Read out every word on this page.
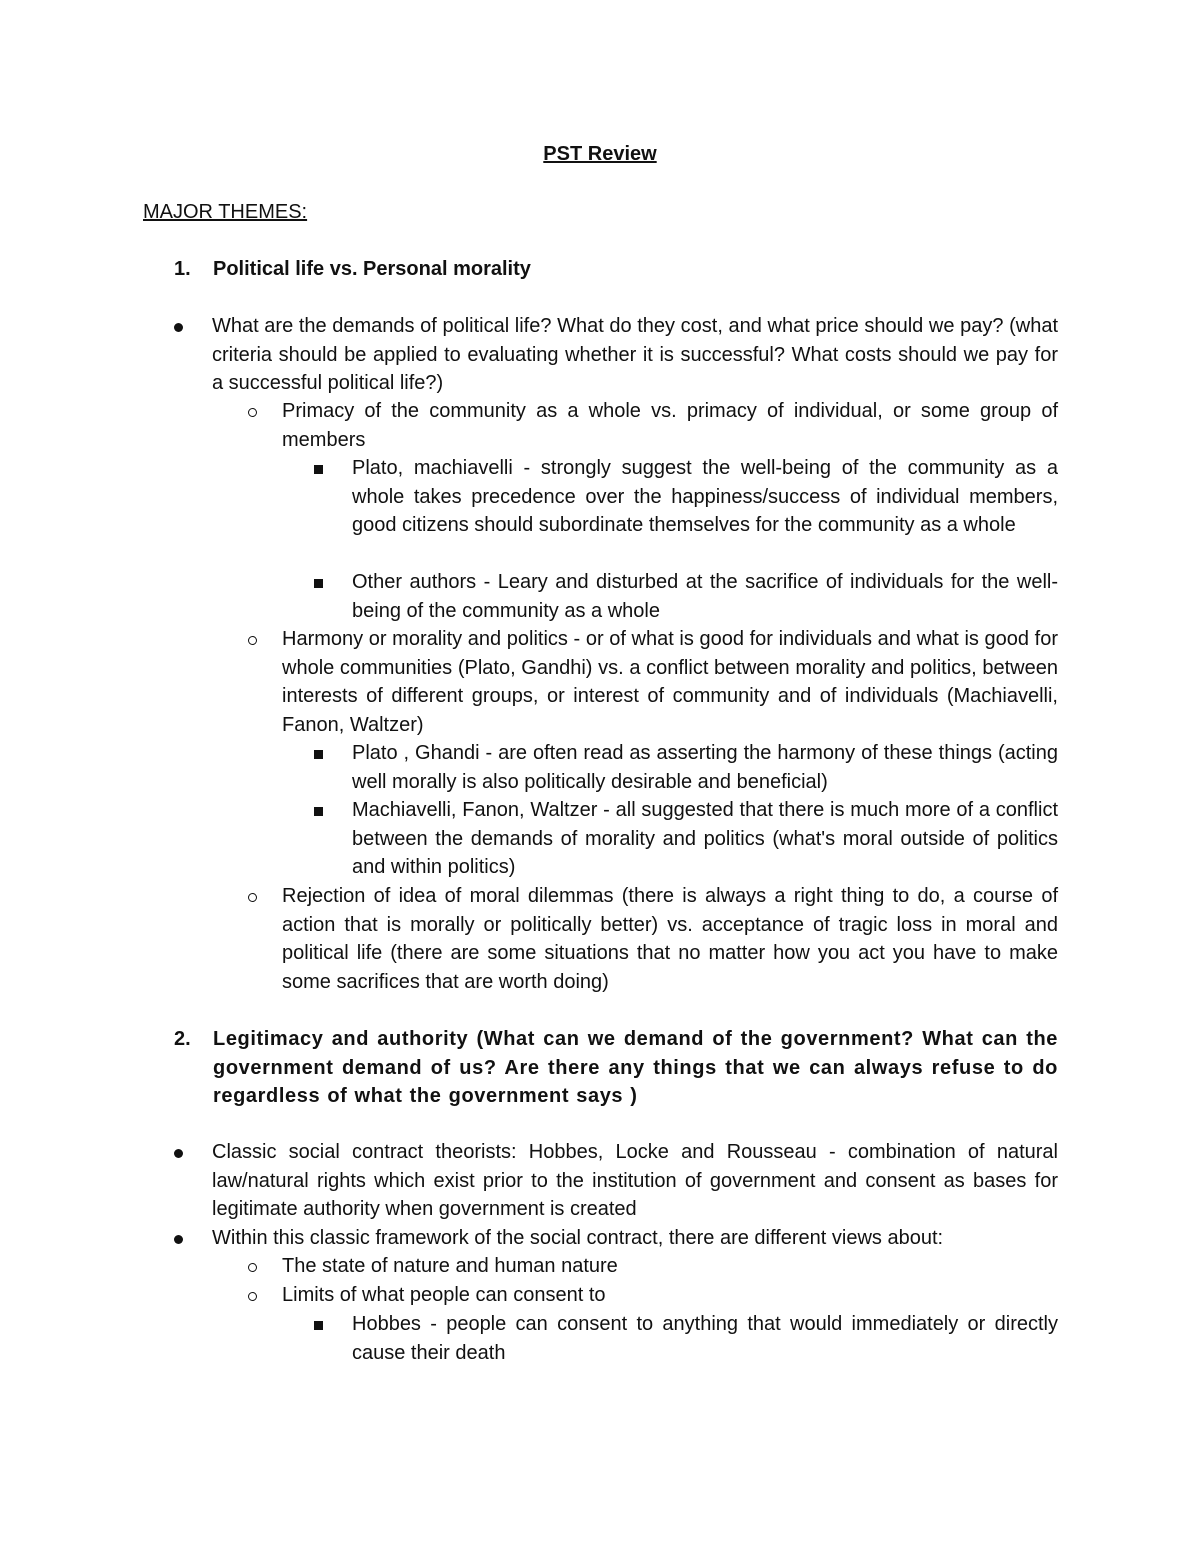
PST Review
MAJOR THEMES:
1. Political life vs. Personal morality
What are the demands of political life? What do they cost, and what price should we pay? (what criteria should be applied to evaluating whether it is successful? What costs should we pay for a successful political life?)
Primacy of the community as a whole vs. primacy of individual, or some group of members
Plato, machiavelli - strongly suggest the well-being of the community as a whole takes precedence over the happiness/success of individual members, good citizens should subordinate themselves for the community as a whole
Other authors - Leary and disturbed at the sacrifice of individuals for the well-being of the community as a whole
Harmony or morality and politics - or of what is good for individuals and what is good for whole communities (Plato, Gandhi) vs. a conflict between morality and politics, between interests of different groups, or interest of community and of individuals (Machiavelli, Fanon, Waltzer)
Plato , Ghandi - are often read as asserting the harmony of these things (acting well morally is also politically desirable and beneficial)
Machiavelli, Fanon, Waltzer - all suggested that there is much more of a conflict between the demands of morality and politics (what's moral outside of politics and within politics)
Rejection of idea of moral dilemmas (there is always a right thing to do, a course of action that is morally or politically better) vs. acceptance of tragic loss in moral and political life (there are some situations that no matter how you act you have to make some sacrifices that are worth doing)
2. Legitimacy and authority (What can we demand of the government? What can the government demand of us? Are there any things that we can always refuse to do regardless of what the government says )
Classic social contract theorists: Hobbes, Locke and Rousseau - combination of natural law/natural rights which exist prior to the institution of government and consent as bases for legitimate authority when government is created
Within this classic framework of the social contract, there are different views about:
The state of nature and human nature
Limits of what people can consent to
Hobbes - people can consent to anything that would immediately or directly cause their death
